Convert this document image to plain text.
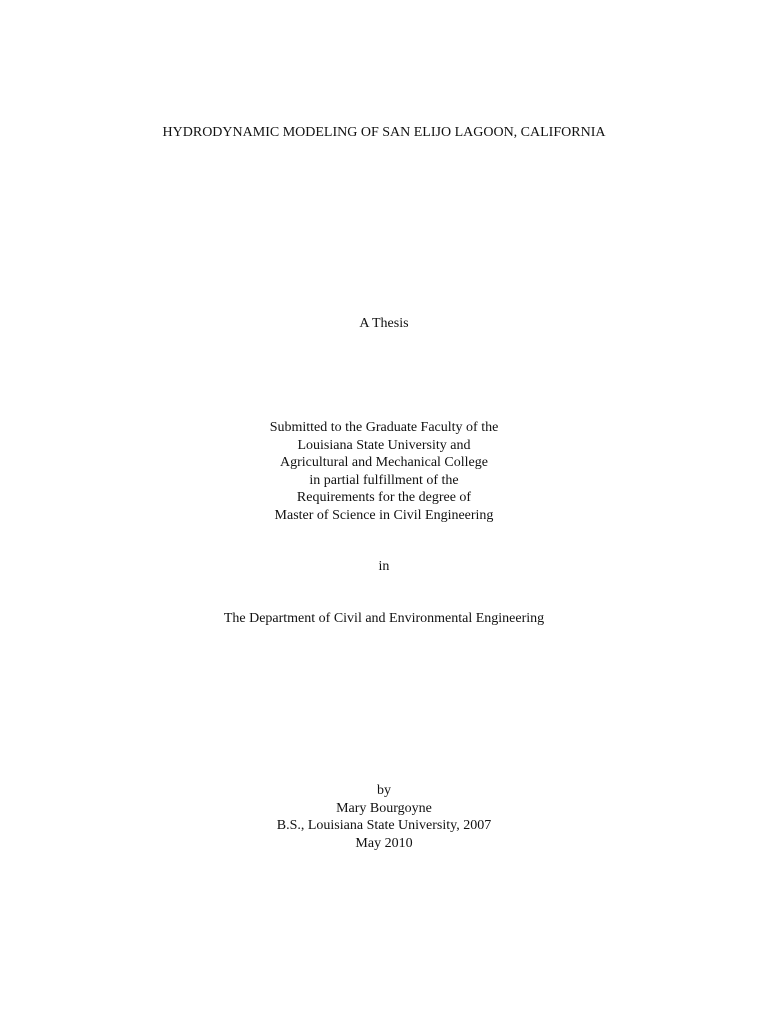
HYDRODYNAMIC MODELING OF SAN ELIJO LAGOON, CALIFORNIA
A Thesis
Submitted to the Graduate Faculty of the
Louisiana State University and
Agricultural and Mechanical College
in partial fulfillment of the
Requirements for the degree of
Master of Science in Civil Engineering
in
The Department of Civil and Environmental Engineering
by
Mary Bourgoyne
B.S., Louisiana State University, 2007
May 2010
